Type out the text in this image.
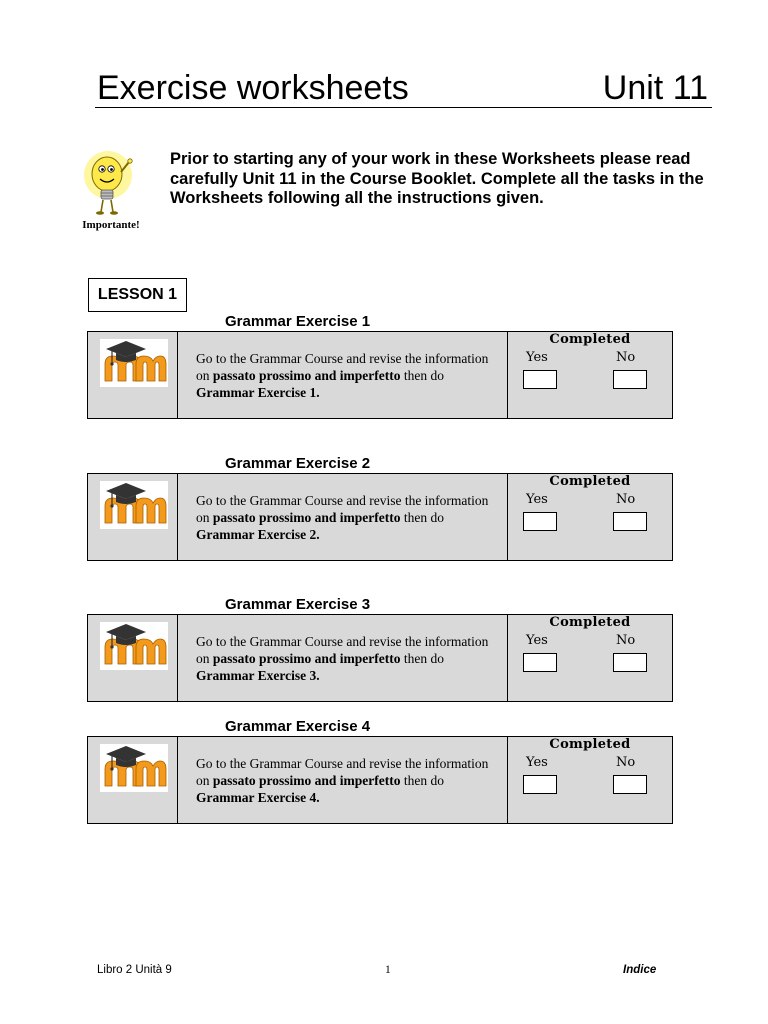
Exercise worksheets	Unit 11
Importante!

Prior to starting any of your work in these Worksheets please read carefully Unit 11 in the Course Booklet. Complete all the tasks in the Worksheets following all the instructions given.

LESSON 1
Grammar Exercise 1
Go to the Grammar Course and revise the information on passato prossimo and imperfetto then do Grammar Exercise 1.
Completed
Yes	No
Grammar Exercise 2
Go to the Grammar Course and revise the information on passato prossimo and imperfetto then do Grammar Exercise 2.
Completed
Yes	No
Grammar Exercise 3
Go to the Grammar Course and revise the information on passato prossimo and imperfetto then do Grammar Exercise 3.
Completed
Yes	No
Grammar Exercise 4
Go to the Grammar Course and revise the information on passato prossimo and imperfetto then do Grammar Exercise 4.
Completed
Yes	No
Libro 2 Unità 9	1	Indice
